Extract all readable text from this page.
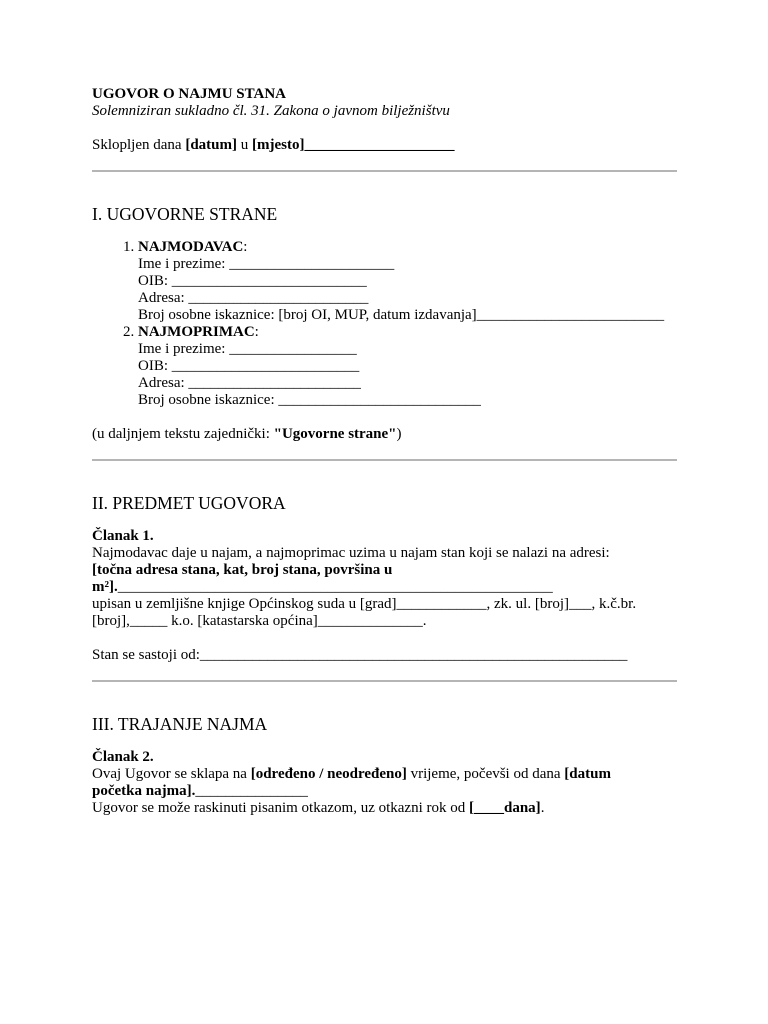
UGOVOR O NAJMU STANA

Solemniziran sukladno čl. 31. Zakona o javnom bilježništvu

Sklopljen dana [datum] u [mjesto]____________________

I. UGOVORNE STRANE
1. NAJMODAVAC:
Ime i prezime: ______________________
OIB: __________________________
Adresa: ________________________
Broj osobne iskaznice: [broj OI, MUP, datum izdavanja]_________________________
2. NAJMOPRIMAC:
Ime i prezime: _________________
OIB: _________________________
Adresa: _______________________
Broj osobne iskaznice: ___________________________

(u daljnjem tekstu zajednički: "Ugovorne strane")

II. PREDMET UGOVORA

Članak 1.

Najmodavac daje u najam, a najmoprimac uzima u najam stan koji se nalazi na adresi:

[točna adresa stana, kat, broj stana, površina u m²].__________________________________________________________

upisan u zemljišne knjige Općinskog suda u [grad]____________, zk. ul. [broj]___, k.č.br. [broj],_____ k.o. [katastarska općina]______________.

Stan se sastoji od:_________________________________________________________

III. TRAJANJE NAJMA

Članak 2.

Ovaj Ugovor se sklapa na [određeno / neodređeno] vrijeme, počevši od dana [datum početka najma]._______________

Ugovor se može raskinuti pisanim otkazom, uz otkazni rok od [____dana].
